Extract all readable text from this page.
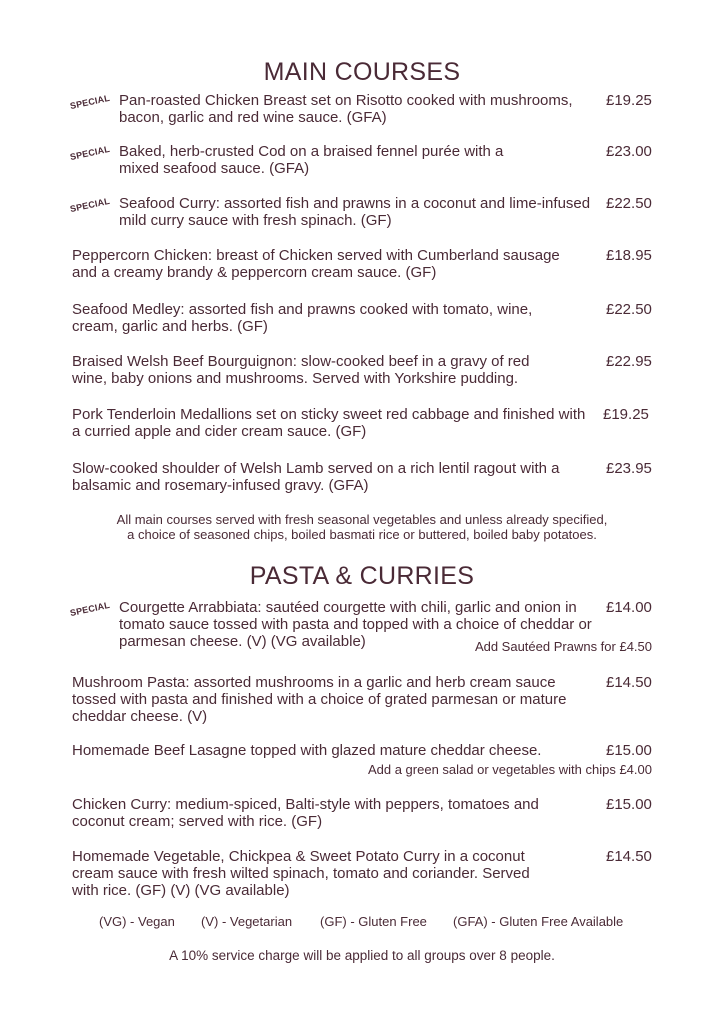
MAIN COURSES
SPECIAL Pan-roasted Chicken Breast set on Risotto cooked with mushrooms, bacon, garlic and red wine sauce. (GFA)
£19.25
SPECIAL Baked, herb-crusted Cod on a braised fennel purée with a mixed seafood sauce. (GFA)
£23.00
SPECIAL Seafood Curry: assorted fish and prawns in a coconut and lime-infused mild curry sauce with fresh spinach. (GF)
£22.50
Peppercorn Chicken: breast of Chicken served with Cumberland sausage and a creamy brandy & peppercorn cream sauce. (GF)
£18.95
Seafood Medley: assorted fish and prawns cooked with tomato, wine, cream, garlic and herbs. (GF)
£22.50
Braised Welsh Beef Bourguignon: slow-cooked beef in a gravy of red wine, baby onions and mushrooms. Served with Yorkshire pudding.
£22.95
Pork Tenderloin Medallions set on sticky sweet red cabbage and finished with a curried apple and cider cream sauce. (GF)
£19.25
Slow-cooked shoulder of Welsh Lamb served on a rich lentil ragout with a balsamic and rosemary-infused gravy. (GFA)
£23.95
All main courses served with fresh seasonal vegetables and unless already specified,
a choice of seasoned chips, boiled basmati rice or buttered, boiled baby potatoes.
PASTA & CURRIES
SPECIAL Courgette Arrabbiata: sautéed courgette with chili, garlic and onion in tomato sauce tossed with pasta and topped with a choice of cheddar or parmesan cheese. (V) (VG available)
£14.00
Add Sautéed Prawns for £4.50
Mushroom Pasta: assorted mushrooms in a garlic and herb cream sauce tossed with pasta and finished with a choice of grated parmesan or mature cheddar cheese. (V)
£14.50
Homemade Beef Lasagne topped with glazed mature cheddar cheese.	£15.00
Add a green salad or vegetables with chips £4.00
Chicken Curry: medium-spiced, Balti-style with peppers, tomatoes and coconut cream; served with rice. (GF)
£15.00
Homemade Vegetable, Chickpea & Sweet Potato Curry in a coconut cream sauce with fresh wilted spinach, tomato and coriander. Served with rice. (GF) (V) (VG available)
£14.50
(VG) - Vegan (V) - Vegetarian (GF) - Gluten Free (GFA) - Gluten Free Available
A 10% service charge will be applied to all groups over 8 people.
